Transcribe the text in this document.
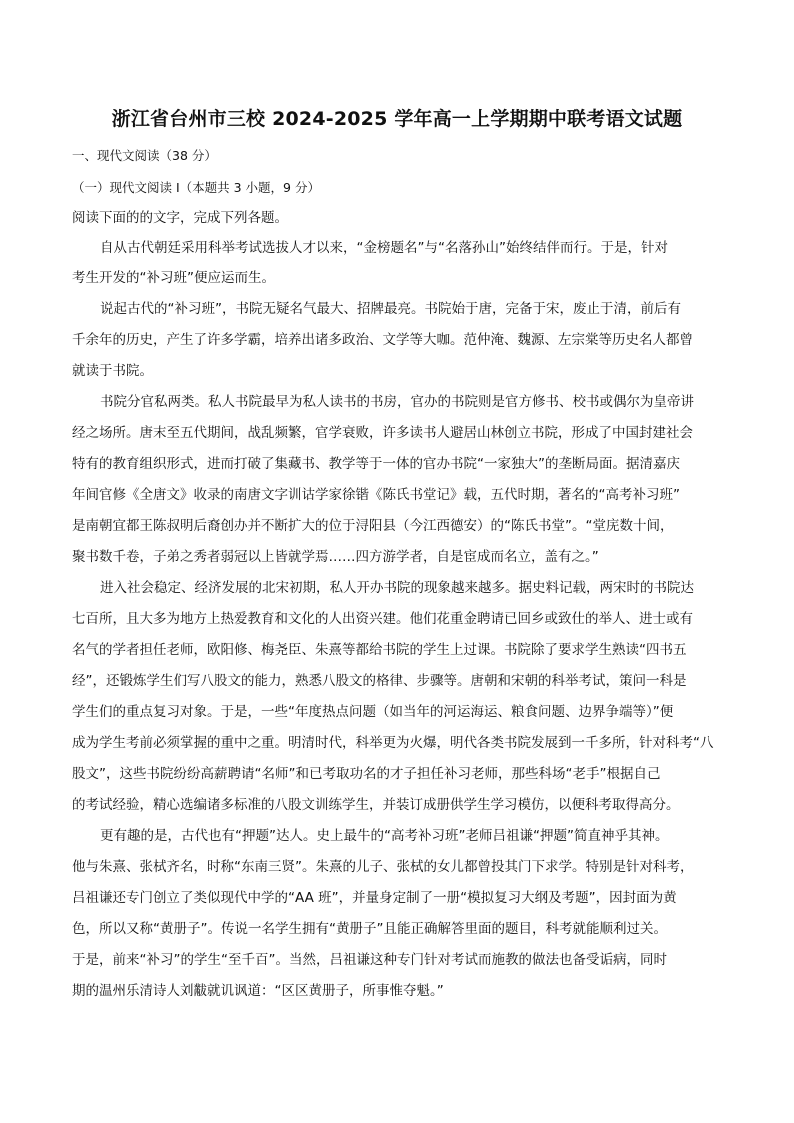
浙江省台州市三校 2024-2025 学年高一上学期期中联考语文试题
一、现代文阅读（38 分）
（一）现代文阅读 I（本题共 3 小题，9 分）
阅读下面的的文字，完成下列各题。
自从古代朝廷采用科举考试选拔人才以来，“金榜题名”与“名落孙山”始终结伴而行。于是，针对
考生开发的“补习班”便应运而生。
说起古代的“补习班”，书院无疑名气最大、招牌最亮。书院始于唐，完备于宋，废止于清，前后有
千余年的历史，产生了许多学霸，培养出诸多政治、文学等大咖。范仲淹、魏源、左宗棠等历史名人都曾
就读于书院。
书院分官私两类。私人书院最早为私人读书的书房，官办的书院则是官方修书、校书或偶尔为皇帝讲
经之场所。唐末至五代期间，战乱频繁，官学衰败，许多读书人避居山林创立书院，形成了中国封建社会
特有的教育组织形式，进而打破了集藏书、教学等于一体的官办书院“一家独大”的垄断局面。据清嘉庆
年间官修《全唐文》收录的南唐文字训诂学家徐锴《陈氏书堂记》载，五代时期，著名的“高考补习班”
是南朝宜都王陈叔明后裔创办并不断扩大的位于浔阳县（今江西德安）的“陈氏书堂”。“堂庑数十间，
聚书数千卷，子弟之秀者弱冠以上皆就学焉……四方游学者，自是宦成而名立，盖有之。”
进入社会稳定、经济发展的北宋初期，私人开办书院的现象越来越多。据史料记载，两宋时的书院达
七百所，且大多为地方上热爱教育和文化的人出资兴建。他们花重金聘请已回乡或致仕的举人、进士或有
名气的学者担任老师，欧阳修、梅尧臣、朱熹等都给书院的学生上过课。书院除了要求学生熟读“四书五
经”，还锻炼学生们写八股文的能力，熟悉八股文的格律、步骤等。唐朝和宋朝的科举考试，策问一科是
学生们的重点复习对象。于是，一些“年度热点问题（如当年的河运海运、粮食问题、边界争端等）”便
成为学生考前必须掌握的重中之重。明清时代，科举更为火爆，明代各类书院发展到一千多所，针对科考“八
股文”，这些书院纷纷高薪聘请“名师”和已考取功名的才子担任补习老师，那些科场“老手”根据自己
的考试经验，精心选编诸多标准的八股文训练学生，并装订成册供学生学习模仿，以便科考取得高分。
更有趣的是，古代也有“押题”达人。史上最牛的“高考补习班”老师吕祖谦“押题”简直神乎其神。
他与朱熹、张栻齐名，时称“东南三贤”。朱熹的儿子、张栻的女儿都曾投其门下求学。特别是针对科考，
吕祖谦还专门创立了类似现代中学的“AA 班”，并量身定制了一册“模拟复习大纲及考题”，因封面为黄
色，所以又称“黄册子”。传说一名学生拥有“黄册子”且能正确解答里面的题目，科考就能顺利过关。
于是，前来“补习”的学生“至千百”。当然，吕祖谦这种专门针对考试而施教的做法也备受诟病，同时
期的温州乐清诗人刘黻就讥讽道：“区区黄册子，所事惟夺魁。”
